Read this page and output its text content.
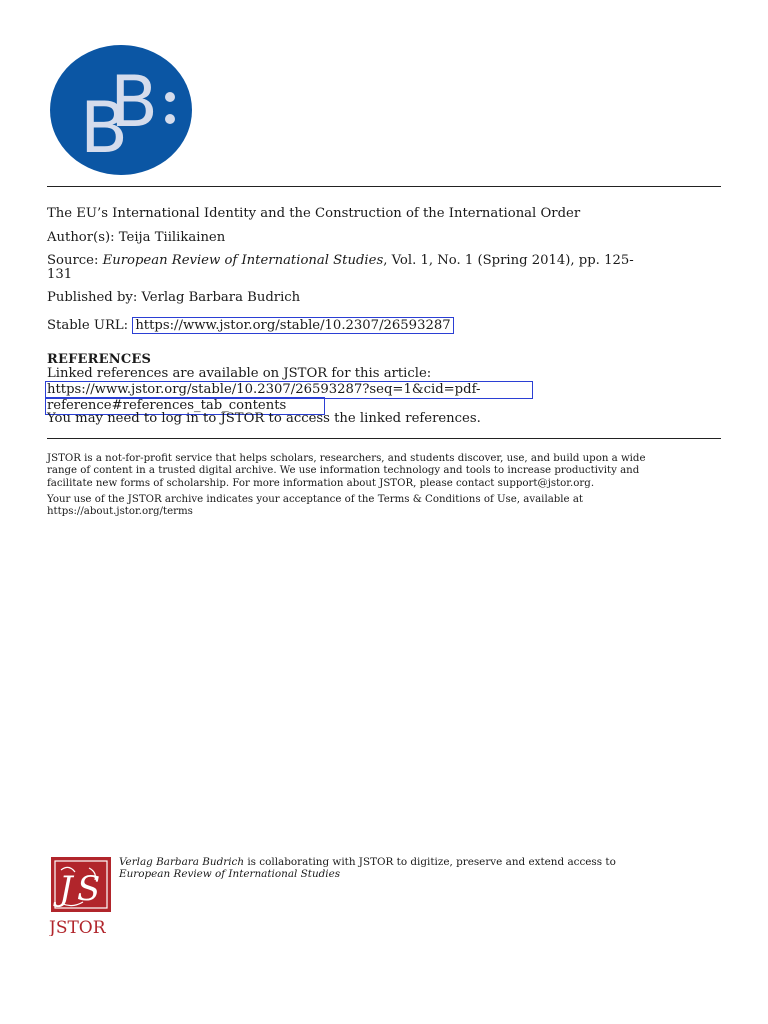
B
B
The EU’s International Identity and the Construction of the International Order
Author(s): Teija Tiilikainen
Source: European Review of International Studies, Vol. 1, No. 1 (Spring 2014), pp. 125-
131
Published by: Verlag Barbara Budrich
Stable URL: https://www.jstor.org/stable/10.2307/26593287
REFERENCES
Linked references are available on JSTOR for this article:
https://www.jstor.org/stable/10.2307/26593287?seq=1&cid=pdf-
reference#references_tab_contents
You may need to log in to JSTOR to access the linked references.
JSTOR is a not-for-profit service that helps scholars, researchers, and students discover, use, and build upon a wide
range of content in a trusted digital archive. We use information technology and tools to increase productivity and
facilitate new forms of scholarship. For more information about JSTOR, please contact support@jstor.org.
Your use of the JSTOR archive indicates your acceptance of the Terms & Conditions of Use, available at
https://about.jstor.org/terms
J S
JSTOR
Verlag Barbara Budrich is collaborating with JSTOR to digitize, preserve and extend access to
European Review of International Studies
